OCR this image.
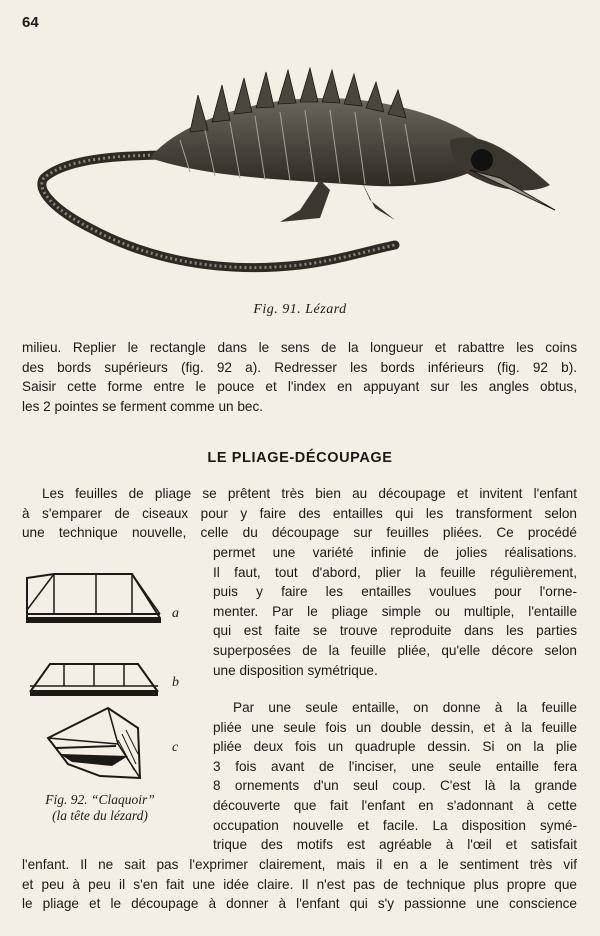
64
Fig. 91. Lézard
milieu. Replier le rectangle dans le sens de la longueur et rabattre les coins
des bords supérieurs (fig. 92 a). Redresser les bords inférieurs (fig. 92 b).
Saisir cette forme entre le pouce et l'index en appuyant sur les angles obtus,
les 2 pointes se ferment comme un bec.
LE PLIAGE-DÉCOUPAGE
Les feuilles de pliage se prêtent très bien au découpage et invitent l'enfant
à s'emparer de ciseaux pour y faire des entailles qui les transforment selon
une technique nouvelle, celle du découpage sur feuilles pliées. Ce procédé
permet une variété infinie de jolies réalisations.
Il faut, tout d'abord, plier la feuille régulièrement,
puis y faire les entailles voulues pour l'orne-
menter. Par le pliage simple ou multiple, l'entaille
qui est faite se trouve reproduite dans les parties
superposées de la feuille pliée, qu'elle décore selon
une disposition symétrique.
Par une seule entaille, on donne à la feuille
pliée une seule fois un double dessin, et à la feuille
pliée deux fois un quadruple dessin. Si on la plie
3 fois avant de l'inciser, une seule entaille fera
8 ornements d'un seul coup. C'est là la grande
découverte que fait l'enfant en s'adonnant à cette
occupation nouvelle et facile. La disposition symé-
trique des motifs est agréable à l'œil et satisfait
l'enfant. Il ne sait pas l'exprimer clairement, mais il en a le sentiment très vif
et peu à peu il s'en fait une idée claire. Il n'est pas de technique plus propre que
le pliage et le découpage à donner à l'enfant qui s'y passionne une conscience
a
b
c
Fig. 92. “Claquoir”
(la tête du lézard)
